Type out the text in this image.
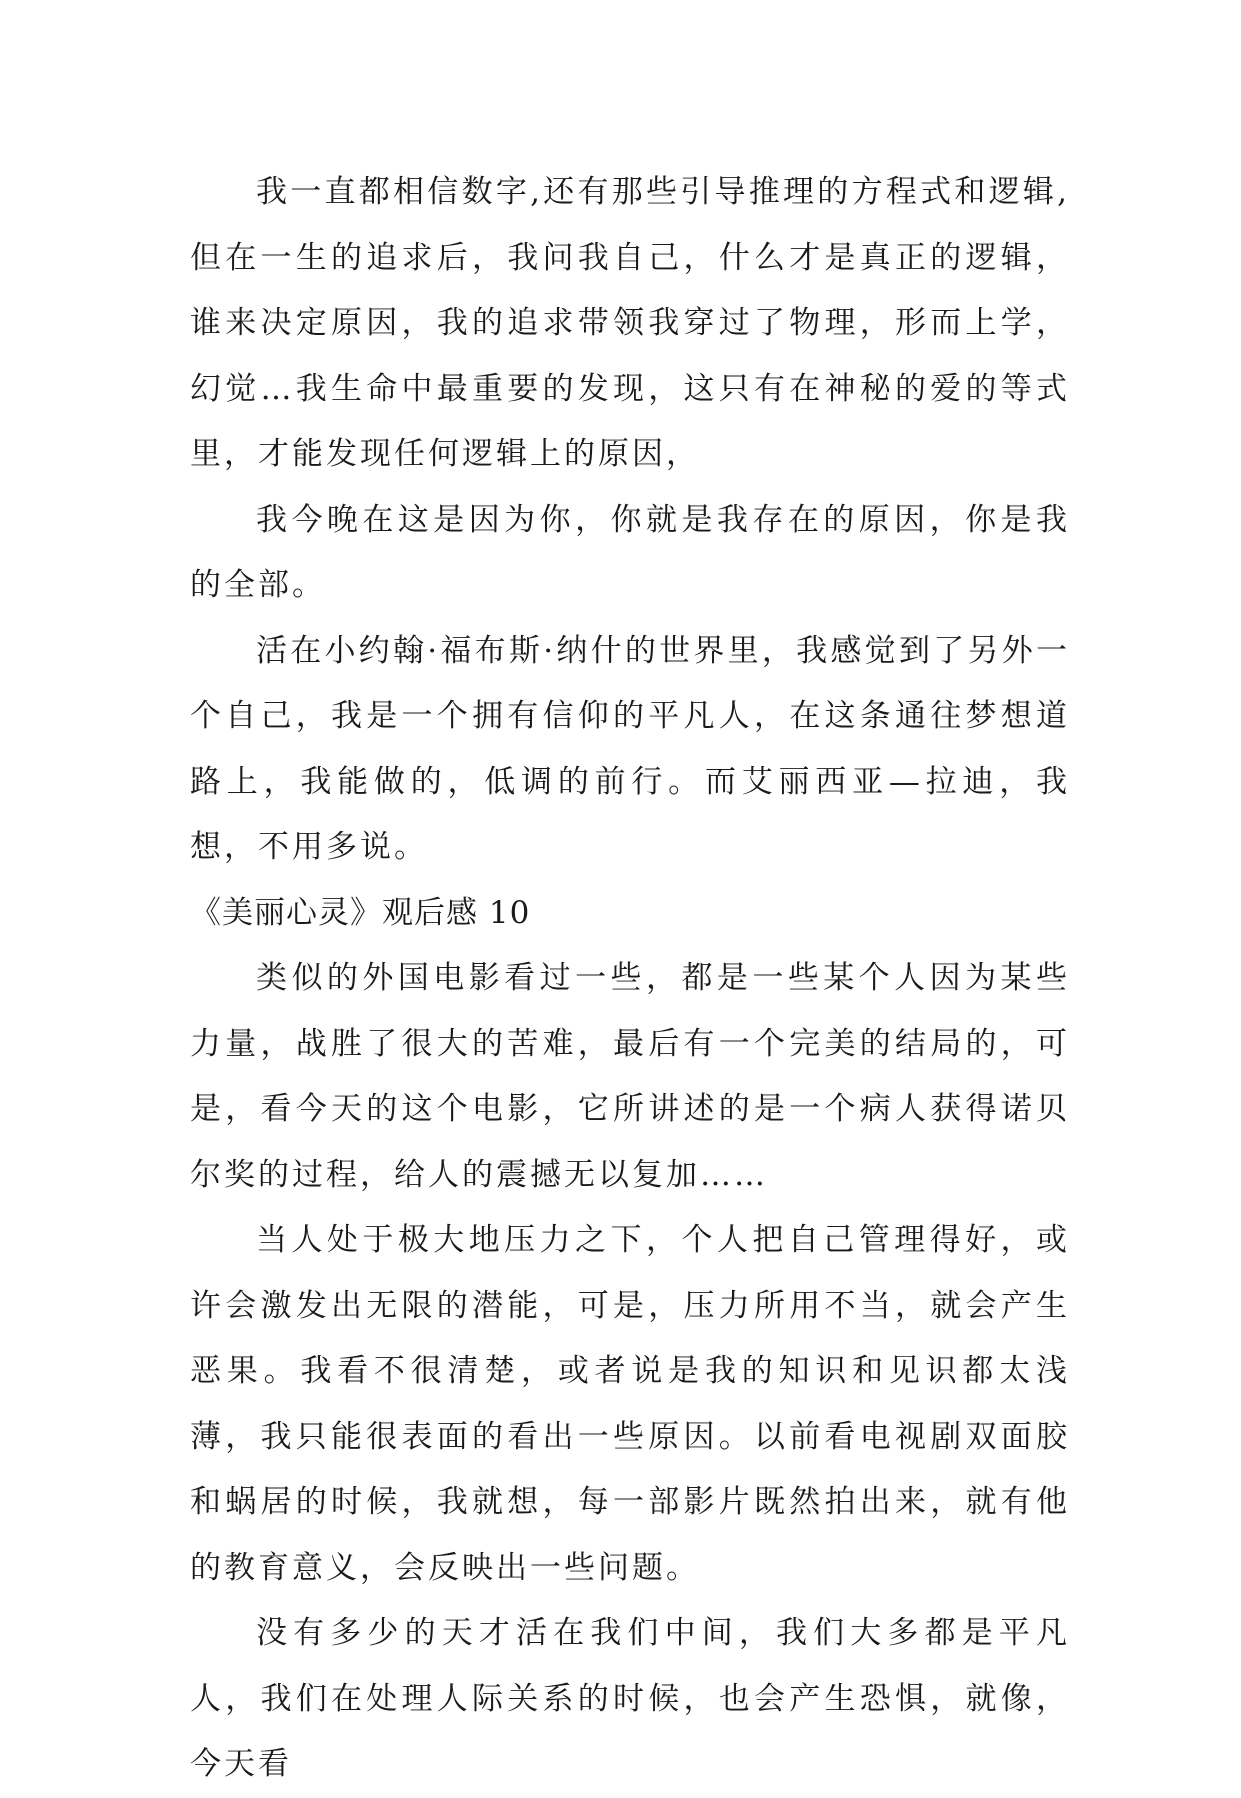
我一直都相信数字,还有那些引导推理的方程式和逻辑,但在一生的追求后，我问我自己，什么才是真正的逻辑，谁来决定原因，我的追求带领我穿过了物理，形而上学，幻觉…我生命中最重要的发现，这只有在神秘的爱的等式里，才能发现任何逻辑上的原因，

我今晚在这是因为你，你就是我存在的原因，你是我的全部。

活在小约翰·福布斯·纳什的世界里，我感觉到了另外一个自己，我是一个拥有信仰的平凡人，在这条通往梦想道路上，我能做的，低调的前行。而艾丽西亚—拉迪，我想，不用多说。

《美丽心灵》观后感 10

类似的外国电影看过一些，都是一些某个人因为某些力量，战胜了很大的苦难，最后有一个完美的结局的，可是，看今天的这个电影，它所讲述的是一个病人获得诺贝尔奖的过程，给人的震撼无以复加……

当人处于极大地压力之下，个人把自己管理得好，或许会激发出无限的潜能，可是，压力所用不当，就会产生恶果。我看不很清楚，或者说是我的知识和见识都太浅薄，我只能很表面的看出一些原因。以前看电视剧双面胶和蜗居的时候，我就想，每一部影片既然拍出来，就有他的教育意义，会反映出一些问题。

没有多少的天才活在我们中间，我们大多都是平凡人，我们在处理人际关系的时候，也会产生恐惧，就像，今天看
